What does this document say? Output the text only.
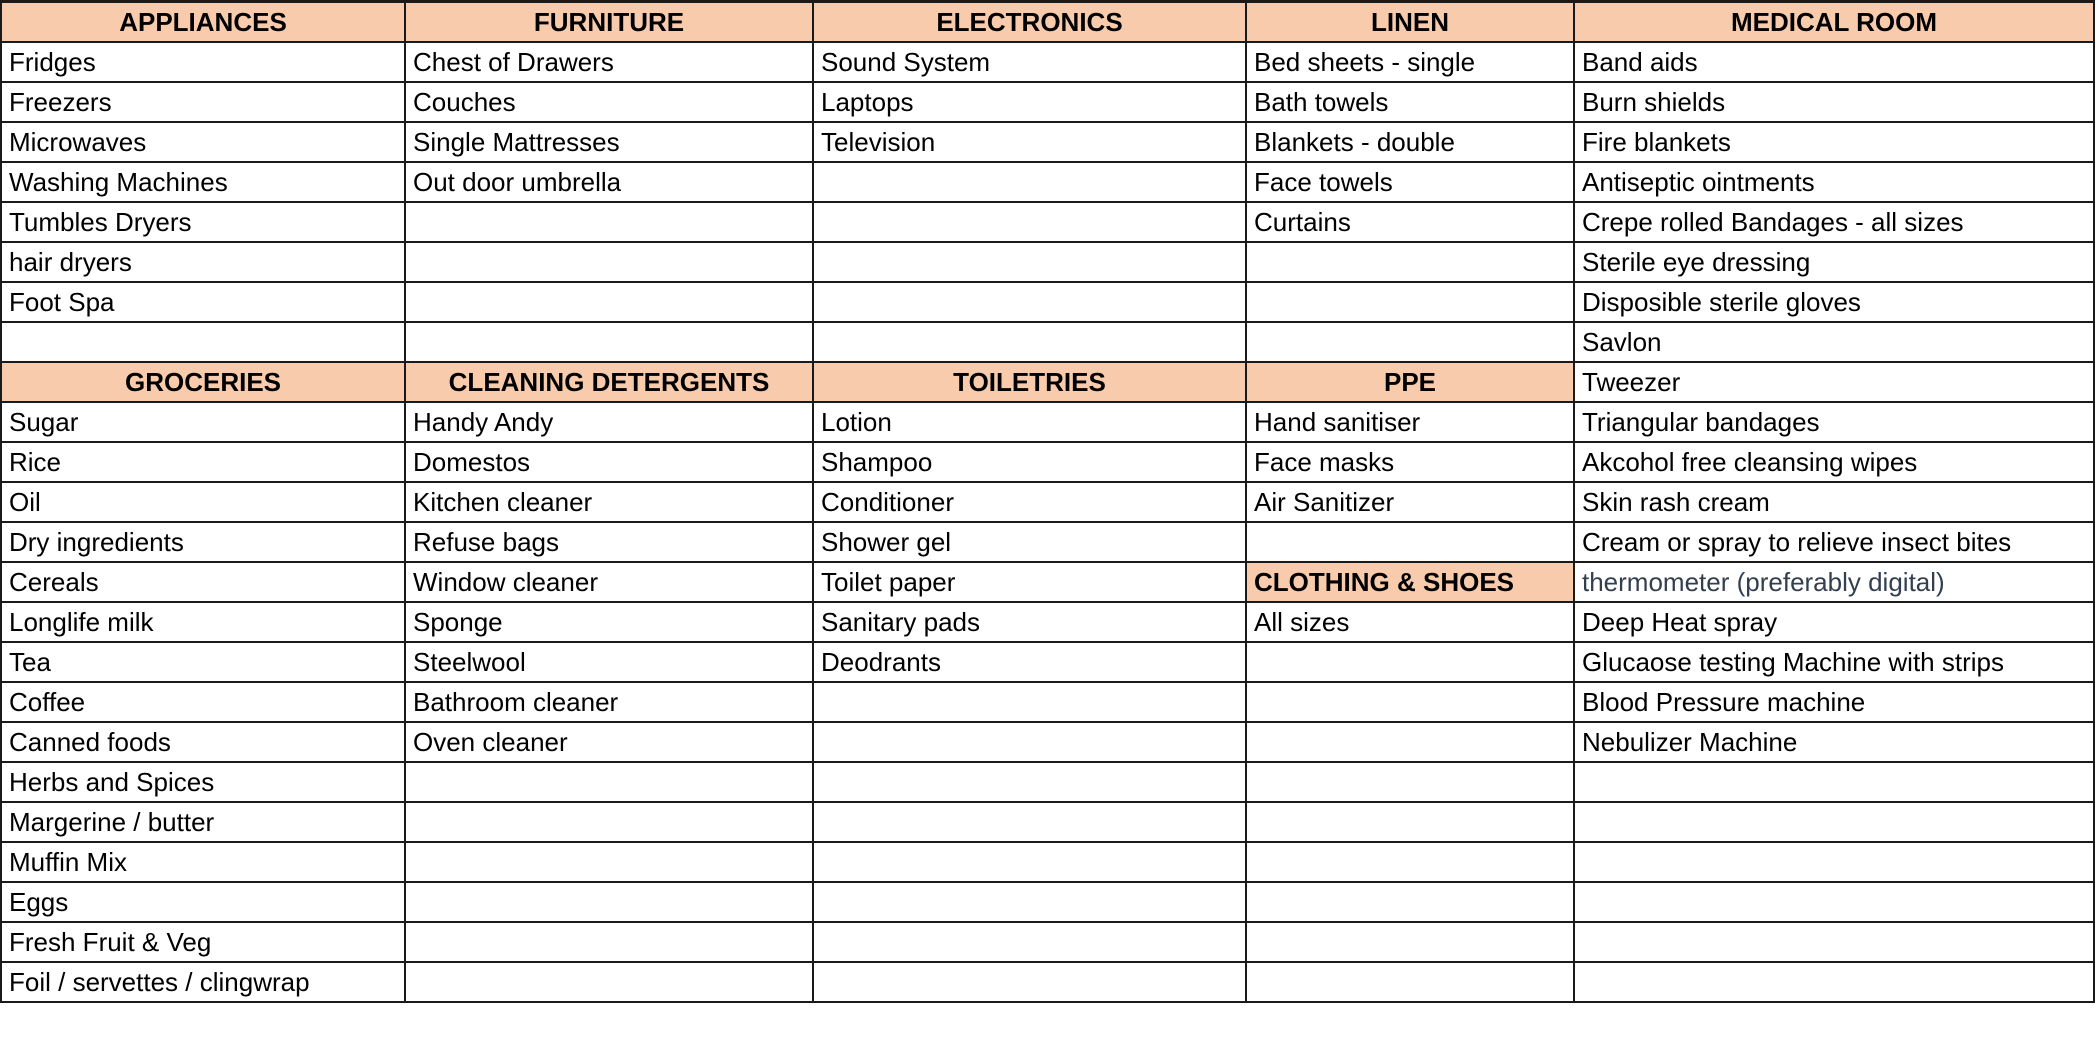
APPLIANCES	FURNITURE	ELECTRONICS	LINEN	MEDICAL ROOM
Fridges	Chest of Drawers	Sound System	Bed sheets - single	Band aids
Freezers	Couches	Laptops	Bath towels	Burn shields
Microwaves	Single Mattresses	Television	Blankets - double	Fire blankets
Washing Machines	Out door umbrella		Face towels	Antiseptic ointments
Tumbles Dryers			Curtains	Crepe rolled Bandages - all sizes
hair dryers				Sterile eye dressing
Foot Spa				Disposible sterile gloves
				Savlon
GROCERIES	CLEANING DETERGENTS	TOILETRIES	PPE	Tweezer
Sugar	Handy Andy	Lotion	Hand sanitiser	Triangular bandages
Rice	Domestos	Shampoo	Face masks	Akcohol free cleansing wipes
Oil	Kitchen cleaner	Conditioner	Air Sanitizer	Skin rash cream
Dry ingredients	Refuse bags	Shower gel		Cream or spray to relieve insect bites
Cereals	Window cleaner	Toilet paper	CLOTHING & SHOES	thermometer (preferably digital)
Longlife milk	Sponge	Sanitary pads	All sizes	Deep Heat spray
Tea	Steelwool	Deodrants		Glucaose testing Machine with strips
Coffee	Bathroom cleaner			Blood Pressure machine
Canned foods	Oven cleaner			Nebulizer Machine
Herbs and Spices				
Margerine / butter				
Muffin Mix				
Eggs				
Fresh Fruit & Veg				
Foil / servettes / clingwrap				
